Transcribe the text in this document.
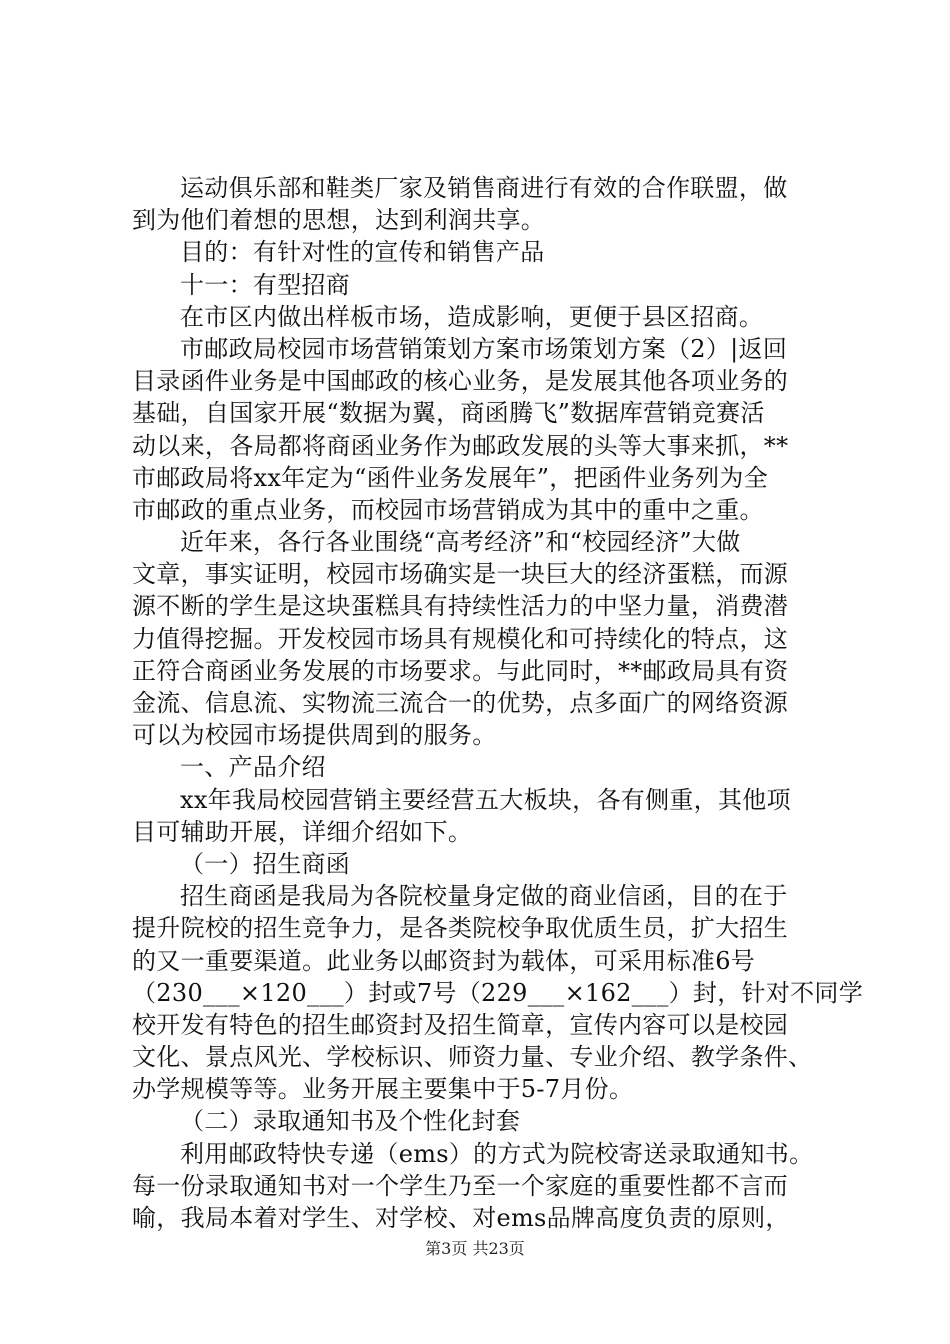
运动俱乐部和鞋类厂家及销售商进行有效的合作联盟，做
到为他们着想的思想，达到利润共享。
目的：有针对性的宣传和销售产品
十一：有型招商
在市区内做出样板市场，造成影响，更便于县区招商。
市邮政局校园市场营销策划方案市场策划方案（2）|返回
目录函件业务是中国邮政的核心业务，是发展其他各项业务的
基础，自国家开展“数据为翼，商函腾飞”数据库营销竞赛活
动以来，各局都将商函业务作为邮政发展的头等大事来抓，**
市邮政局将xx年定为“函件业务发展年”，把函件业务列为全
市邮政的重点业务，而校园市场营销成为其中的重中之重。
近年来，各行各业围绕“高考经济”和“校园经济”大做
文章，事实证明，校园市场确实是一块巨大的经济蛋糕，而源
源不断的学生是这块蛋糕具有持续性活力的中坚力量，消费潜
力值得挖掘。开发校园市场具有规模化和可持续化的特点，这
正符合商函业务发展的市场要求。与此同时，**邮政局具有资
金流、信息流、实物流三流合一的优势，点多面广的网络资源
可以为校园市场提供周到的服务。
一、产品介绍
xx年我局校园营销主要经营五大板块，各有侧重，其他项
目可辅助开展，详细介绍如下。
（一）招生商函
招生商函是我局为各院校量身定做的商业信函，目的在于
提升院校的招生竞争力，是各类院校争取优质生员，扩大招生
的又一重要渠道。此业务以邮资封为载体，可采用标准6号
（230___×120___）封或7号（229___×162___）封，针对不同学
校开发有特色的招生邮资封及招生简章，宣传内容可以是校园
文化、景点风光、学校标识、师资力量、专业介绍、教学条件、
办学规模等等。业务开展主要集中于5-7月份。
（二）录取通知书及个性化封套
利用邮政特快专递（ems）的方式为院校寄送录取通知书。
每一份录取通知书对一个学生乃至一个家庭的重要性都不言而
喻，我局本着对学生、对学校、对ems品牌高度负责的原则，
第3页 共23页
